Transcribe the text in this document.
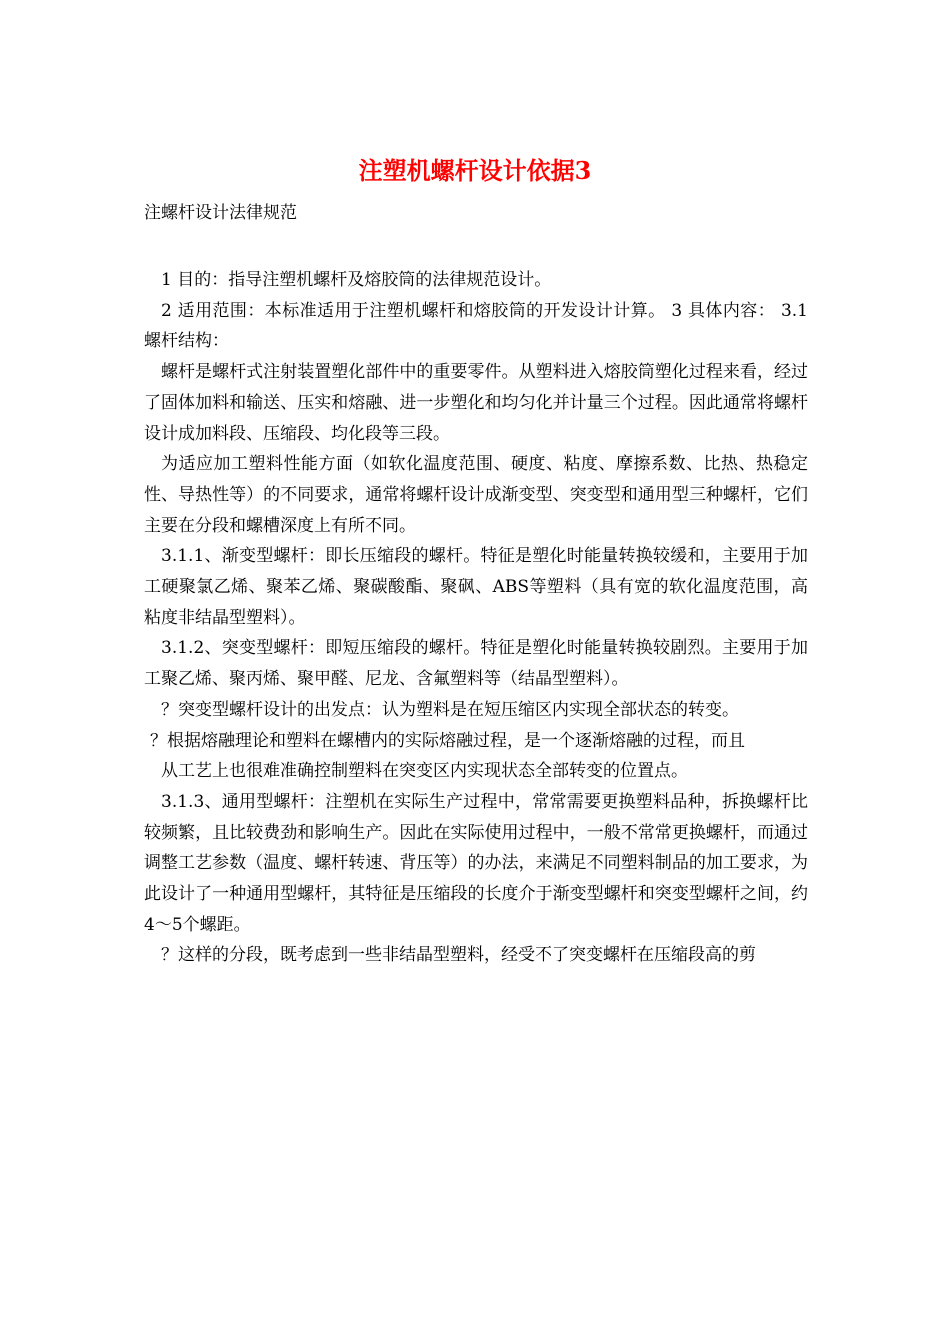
注塑机螺杆设计依据3

注螺杆设计法律规范

1 目的：指导注塑机螺杆及熔胶筒的法律规范设计。

2 适用范围：本标准适用于注塑机螺杆和熔胶筒的开发设计计算。 3 具体内容： 3.1 螺杆结构：

螺杆是螺杆式注射装置塑化部件中的重要零件。从塑料进入熔胶筒塑化过程来看，经过了固体加料和输送、压实和熔融、进一步塑化和均匀化并计量三个过程。因此通常将螺杆设计成加料段、压缩段、均化段等三段。

为适应加工塑料性能方面（如软化温度范围、硬度、粘度、摩擦系数、比热、热稳定性、导热性等）的不同要求，通常将螺杆设计成渐变型、突变型和通用型三种螺杆，它们主要在分段和螺槽深度上有所不同。

3.1.1、渐变型螺杆：即长压缩段的螺杆。特征是塑化时能量转换较缓和，主要用于加工硬聚氯乙烯、聚苯乙烯、聚碳酸酯、聚砜、ABS等塑料（具有宽的软化温度范围，高粘度非结晶型塑料）。

3.1.2、突变型螺杆：即短压缩段的螺杆。特征是塑化时能量转换较剧烈。主要用于加工聚乙烯、聚丙烯、聚甲醛、尼龙、含氟塑料等（结晶型塑料）。

？突变型螺杆设计的出发点：认为塑料是在短压缩区内实现全部状态的转变。

？根据熔融理论和塑料在螺槽内的实际熔融过程，是一个逐渐熔融的过程，而且

从工艺上也很难准确控制塑料在突变区内实现状态全部转变的位置点。

3.1.3、通用型螺杆：注塑机在实际生产过程中，常常需要更换塑料品种，拆换螺杆比较频繁，且比较费劲和影响生产。因此在实际使用过程中，一般不常常更换螺杆，而通过调整工艺参数（温度、螺杆转速、背压等）的办法，来满足不同塑料制品的加工要求，为此设计了一种通用型螺杆，其特征是压缩段的长度介于渐变型螺杆和突变型螺杆之间，约4～5个螺距。

？这样的分段，既考虑到一些非结晶型塑料，经受不了突变螺杆在压缩段高的剪
